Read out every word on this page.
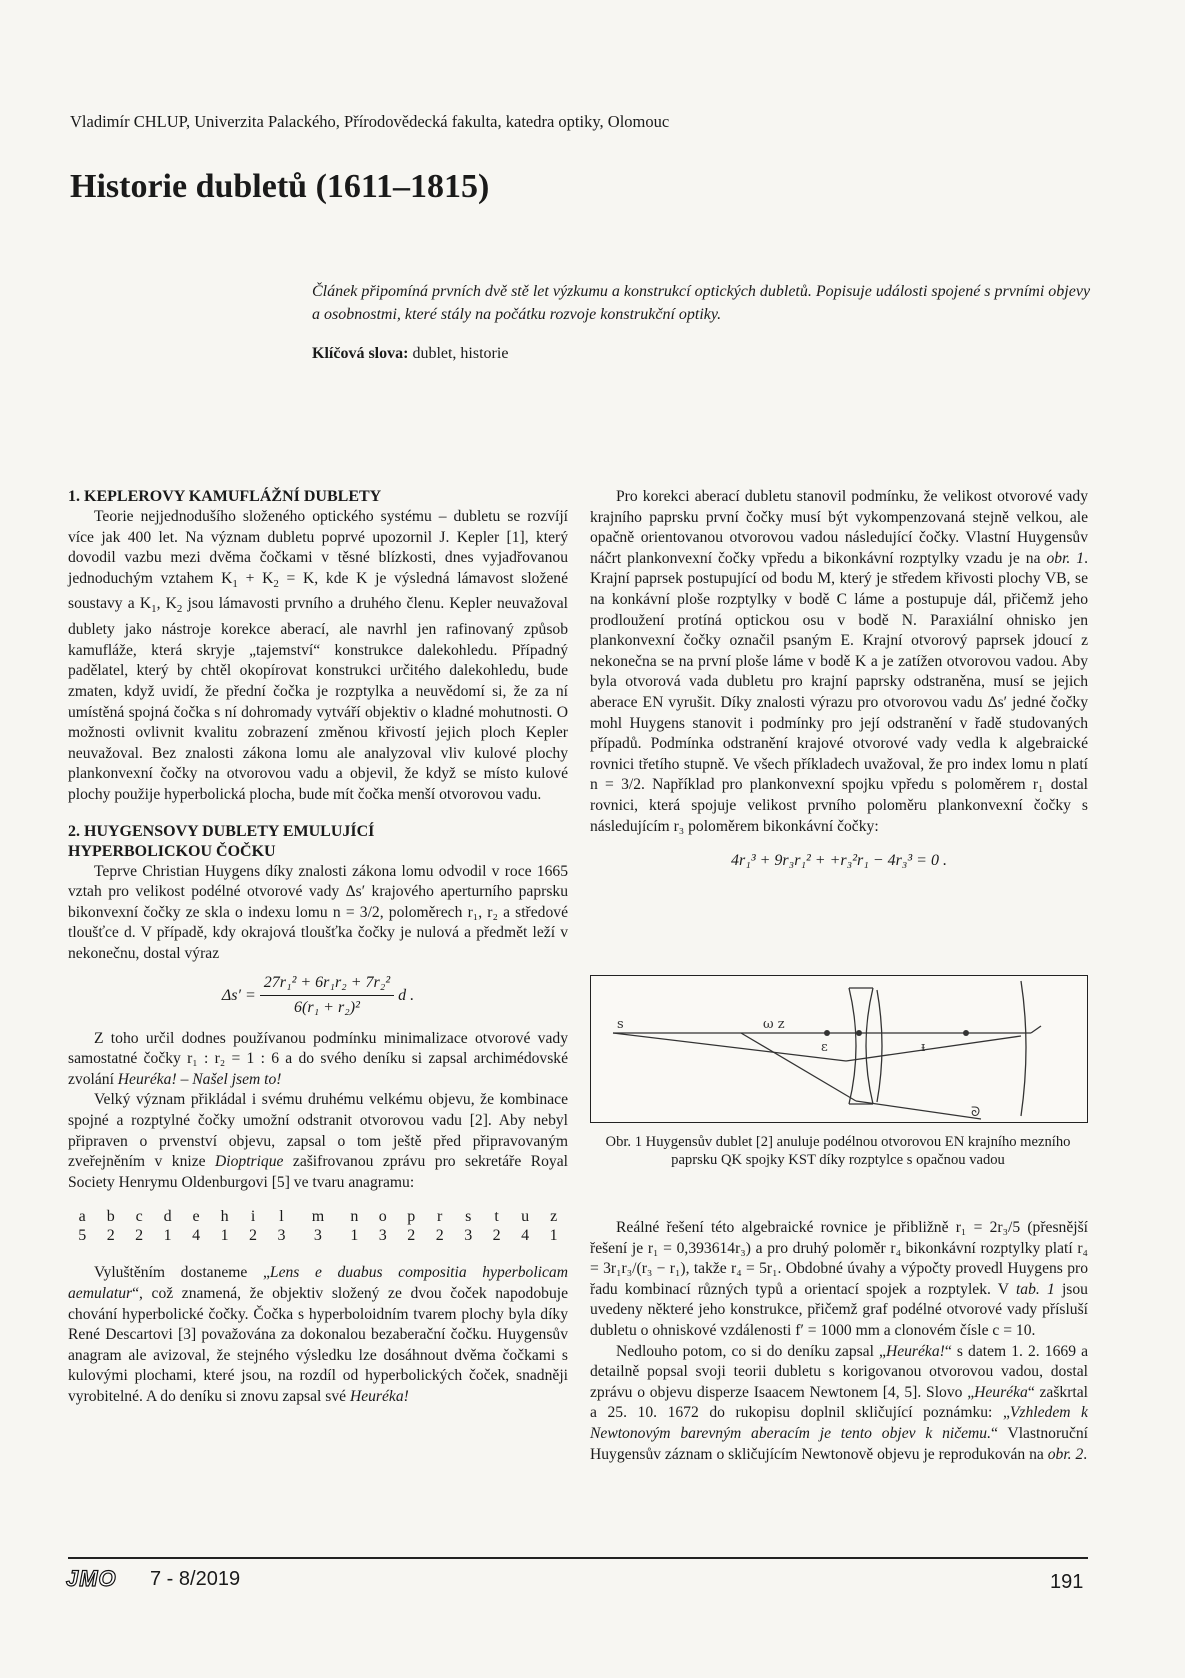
Vladimír CHLUP, Univerzita Palackého, Přírodovědecká fakulta, katedra optiky, Olomouc
Historie dubletů (1611–1815)
Článek připomíná prvních dvě stě let výzkumu a konstrukcí optických dubletů. Popisuje události spojené s prvními objevy a osobnostmi, které stály na počátku rozvoje konstrukční optiky.
Klíčová slova: dublet, historie
1. KEPLEROVY KAMUFLÁŽNÍ DUBLETY

Teorie nejjednodušího složeného optického systému – dubletu se rozvíjí více jak 400 let. Na význam dubletu poprvé upozornil J. Kepler [1], který dovodil vazbu mezi dvěma čočkami v těsné blízkosti, dnes vyjadřovanou jednoduchým vztahem $K_1 + K_2 = K$, kde K je výsledná lámavost složené soustavy a $K_1$, $K_2$ jsou lámavosti prvního a druhého členu. Kepler neuvažoval dublety jako nástroje korekce aberací, ale navrhl jen rafinovaný způsob kamufláže, která skryje „tajemství“ konstrukce dalekohledu. Případný padělatel, který by chtěl okopírovat konstrukci určitého dalekohledu, bude zmaten, když uvidí, že přední čočka je rozptylka a neuvědomí si, že za ní umístěná spojná čočka s ní dohromady vytváří objektiv o kladné mohutnosti. O možnosti ovlivnit kvalitu zobrazení změnou křivostí jejich ploch Kepler neuvažoval. Bez znalosti zákona lomu ale analyzoval vliv kulové plochy plankonvexní čočky na otvorovou vadu a objevil, že když se místo kulové plochy použije hyperbolická plocha, bude mít čočka menší otvorovou vadu.

2. HUYGENSOVY DUBLETY EMULUJÍCÍ
HYPERBOLICKOU ČOČKU

Teprve Christian Huygens díky znalosti zákona lomu odvodil v roce 1665 vztah pro velikost podélné otvorové vady Δs′ krajového aperturního paprsku bikonvexní čočky ze skla o indexu lomu n = 3/2, poloměrech r₁, r₂ a středové tloušťce d. V případě, kdy okrajová tloušťka čočky je nulová a předmět leží v nekonečnu, dostal výraz

$\Delta s' = \frac{\text{27r₁² + 6r₁r₂ + 7r₂²}}{\text{6(r₁ + r₂)²}}$ d .

Z toho určil dodnes používanou podmínku minimalizace otvorové vady samostatné čočky r₁ : r₂ = 1 : 6 a do svého deníku si zapsal archimédovské zvolání Heuréka! – Našel jsem to!

Velký význam přikládal i svému druhému velkému objevu, že kombinace spojné a rozptylné čočky umožní odstranit otvorovou vadu [2]. Aby nebyl připraven o prvenství objevu, zapsal o tom ještě před připravovaným zveřejněním v knize Dioptrique zašifrovanou zprávu pro sekretáře Royal Society Henrymu Oldenburgovi [5] ve tvaru anagramu:

a	b	c	d	e	h	i	l	m	n	o	p	r	s	t	u	z
5	2	2	1	4	1	2	3	3	1	3	2	2	3	2	4	1

Vyluštěním dostaneme „Lens e duabus compositia hyperbolicam aemulatur“, což znamená, že objektiv složený ze dvou čoček napodobuje chování hyperbolické čočky. Čočka s hyperboloidním tvarem plochy byla díky René Descartovi [3] považována za dokonalou bezaberační čočku. Huygensův anagram ale avizoval, že stejného výsledku lze dosáhnout dvěma čočkami s kulovými plochami, které jsou, na rozdíl od hyperbolických čoček, snadněji vyrobitelné. A do deníku si znovu zapsal své Heuréka!

Pro korekci aberací dubletu stanovil podmínku, že velikost otvorové vady krajního paprsku první čočky musí být vykompenzovaná stejně velkou, ale opačně orientovanou otvorovou vadou následující čočky. Vlastní Huygensův náčrt plankonvexní čočky vpředu a bikonkávní rozptylky vzadu je na obr. 1. Krajní paprsek postupující od bodu M, který je středem křivosti plochy VB, se na konkávní ploše rozptylky v bodě C láme a postupuje dál, přičemž jeho prodloužení protíná optickou osu v bodě N. Paraxiální ohnisko jen plankonvexní čočky označil psaným E. Krajní otvorový paprsek jdoucí z nekonečna se na první ploše láme v bodě K a je zatížen otvorovou vadou. Aby byla otvorová vada dubletu pro krajní paprsky odstraněna, musí se jejich aberace EN vyrušit. Díky znalosti výrazu pro otvorovou vadu Δs′ jedné čočky mohl Huygens stanovit i podmínky pro její odstranění v řadě studovaných případů. Podmínka odstranění krajové otvorové vady vedla k algebraické rovnici třetího stupně. Ve všech příkladech uvažoval, že pro index lomu n platí n = 3/2. Například pro plankonvexní spojku vpředu s poloměrem r₁ dostal rovnici, která spojuje velikost prvního poloměru plankonvexní čočky s následujícím r₃ poloměrem bikonkávní čočky:

4r₁³ + 9r₃r₁² + +r₃²r₁ − 4r₃³ = 0 .
s	ω z
ɛ	ᵻ
ᘐ
Obr. 1 Huygensův dublet [2] anuluje podélnou otvorovou EN krajního mezního paprsku QK spojky KST díky rozptylce s opačnou vadou

Reálné řešení této algebraické rovnice je přibližně r₁ = 2r₃/5 (přesnější řešení je r₁ = 0,393614r₃) a pro druhý poloměr r₄ bikonkávní rozptylky platí r₄ = 3r₁r₃/(r₃ − r₁), takže r₄ = 5r₁. Obdobné úvahy a výpočty provedl Huygens pro řadu kombinací různých typů a orientací spojek a rozptylek. V tab. 1 jsou uvedeny některé jeho konstrukce, přičemž graf podélné otvorové vady přísluší dubletu o ohniskové vzdálenosti f′ = 1000 mm a clonovém čísle c = 10.

Nedlouho potom, co si do deníku zapsal „Heuréka!“ s datem 1. 2. 1669 a detailně popsal svoji teorii dubletu s korigovanou otvorovou vadou, dostal zprávu o objevu disperze Isaacem Newtonem [4, 5]. Slovo „Heuréka“ zaškrtal a 25. 10. 1672 do rukopisu doplnil skličující poznámku: „Vzhledem k Newtonovým barevným aberacím je tento objev k ničemu.“ Vlastnoruční Huygensův záznam o skličujícím Newtonově objevu je reprodukován na obr. 2.

JMO 7 - 8/2019	191
